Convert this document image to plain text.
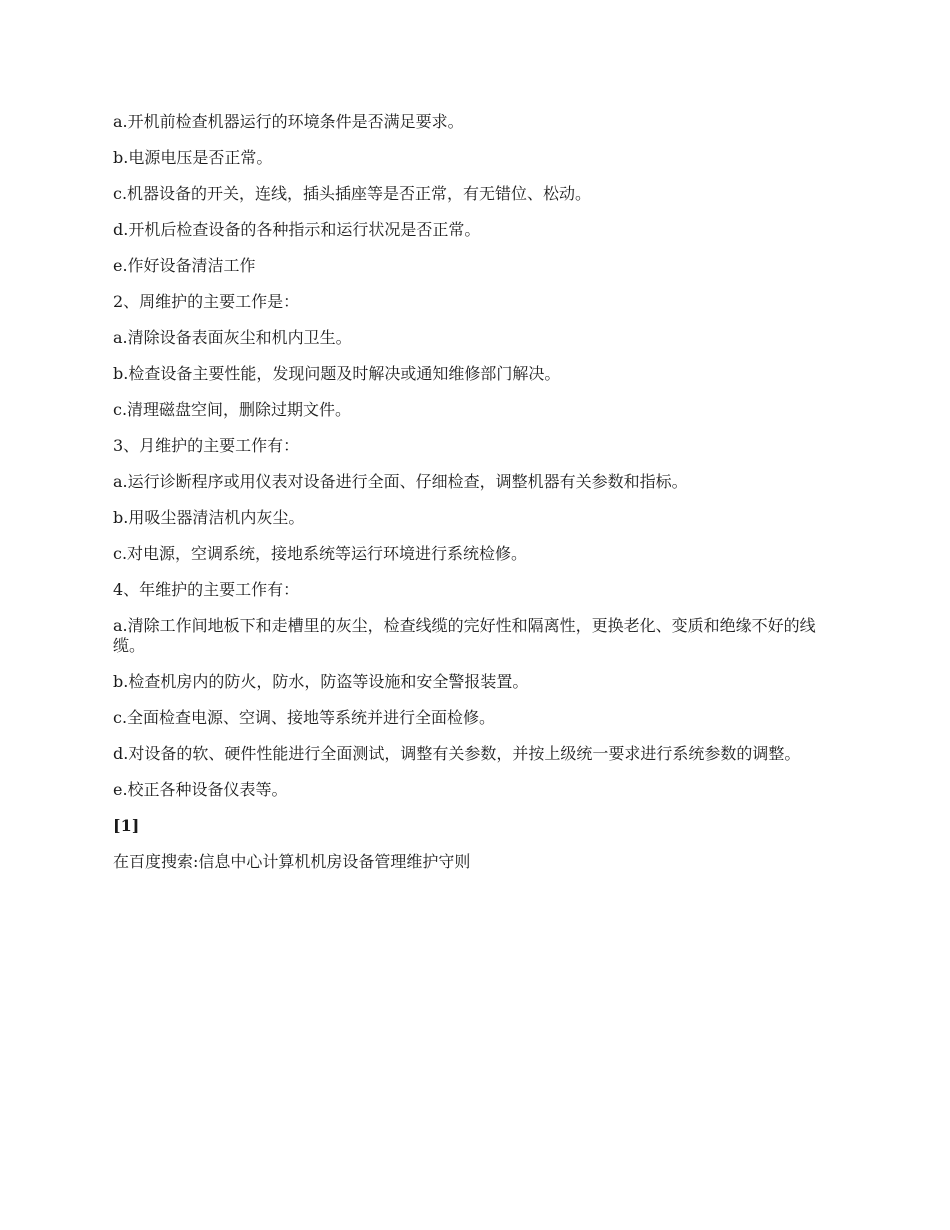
a.开机前检查机器运行的环境条件是否满足要求。

b.电源电压是否正常。

c.机器设备的开关，连线，插头插座等是否正常，有无错位、松动。

d.开机后检查设备的各种指示和运行状况是否正常。

e.作好设备清洁工作

2、周维护的主要工作是：

a.清除设备表面灰尘和机内卫生。

b.检查设备主要性能，发现问题及时解决或通知维修部门解决。

c.清理磁盘空间，删除过期文件。

3、月维护的主要工作有：

a.运行诊断程序或用仪表对设备进行全面、仔细检查，调整机器有关参数和指标。

b.用吸尘器清洁机内灰尘。

c.对电源，空调系统，接地系统等运行环境进行系统检修。

4、年维护的主要工作有：

a.清除工作间地板下和走槽里的灰尘，检查线缆的完好性和隔离性，更换老化、变质和绝缘不好的线缆。

b.检查机房内的防火，防水，防盗等设施和安全警报装置。

c.全面检查电源、空调、接地等系统并进行全面检修。

d.对设备的软、硬件性能进行全面测试，调整有关参数，并按上级统一要求进行系统参数的调整。

e.校正各种设备仪表等。

[1]

在百度搜索:信息中心计算机机房设备管理维护守则
